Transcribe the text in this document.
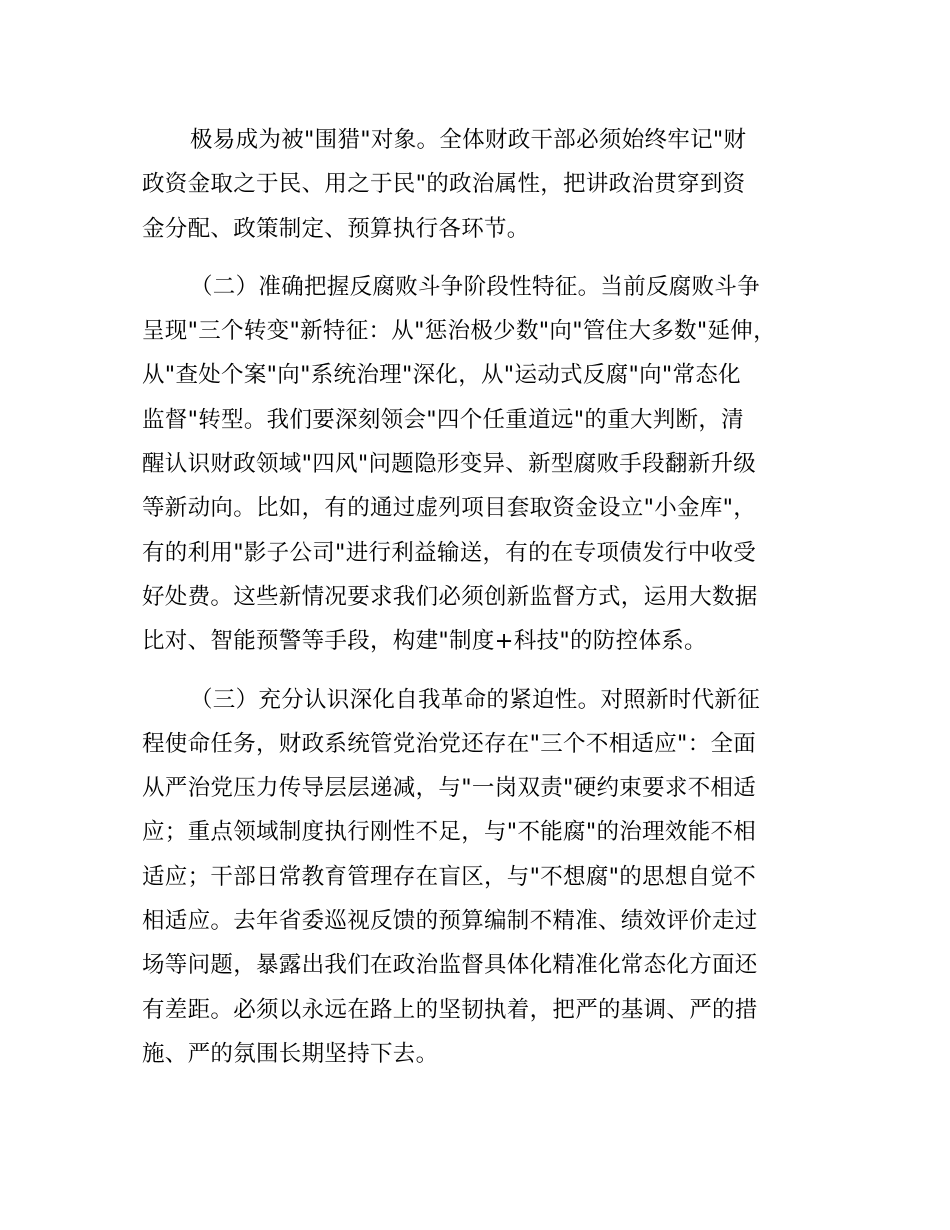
极易成为被"围猎"对象。全体财政干部必须始终牢记"财
政资金取之于民、用之于民"的政治属性，把讲政治贯穿到资
金分配、政策制定、预算执行各环节。
（二）准确把握反腐败斗争阶段性特征。当前反腐败斗争
呈现"三个转变"新特征：从"惩治极少数"向"管住大多数"延伸，
从"查处个案"向"系统治理"深化，从"运动式反腐"向"常态化
监督"转型。我们要深刻领会"四个任重道远"的重大判断，清
醒认识财政领域"四风"问题隐形变异、新型腐败手段翻新升级
等新动向。比如，有的通过虚列项目套取资金设立"小金库"，
有的利用"影子公司"进行利益输送，有的在专项债发行中收受
好处费。这些新情况要求我们必须创新监督方式，运用大数据
比对、智能预警等手段，构建"制度+科技"的防控体系。
（三）充分认识深化自我革命的紧迫性。对照新时代新征
程使命任务，财政系统管党治党还存在"三个不相适应"：全面
从严治党压力传导层层递减，与"一岗双责"硬约束要求不相适
应；重点领域制度执行刚性不足，与"不能腐"的治理效能不相
适应；干部日常教育管理存在盲区，与"不想腐"的思想自觉不
相适应。去年省委巡视反馈的预算编制不精准、绩效评价走过
场等问题，暴露出我们在政治监督具体化精准化常态化方面还
有差距。必须以永远在路上的坚韧执着，把严的基调、严的措
施、严的氛围长期坚持下去。
